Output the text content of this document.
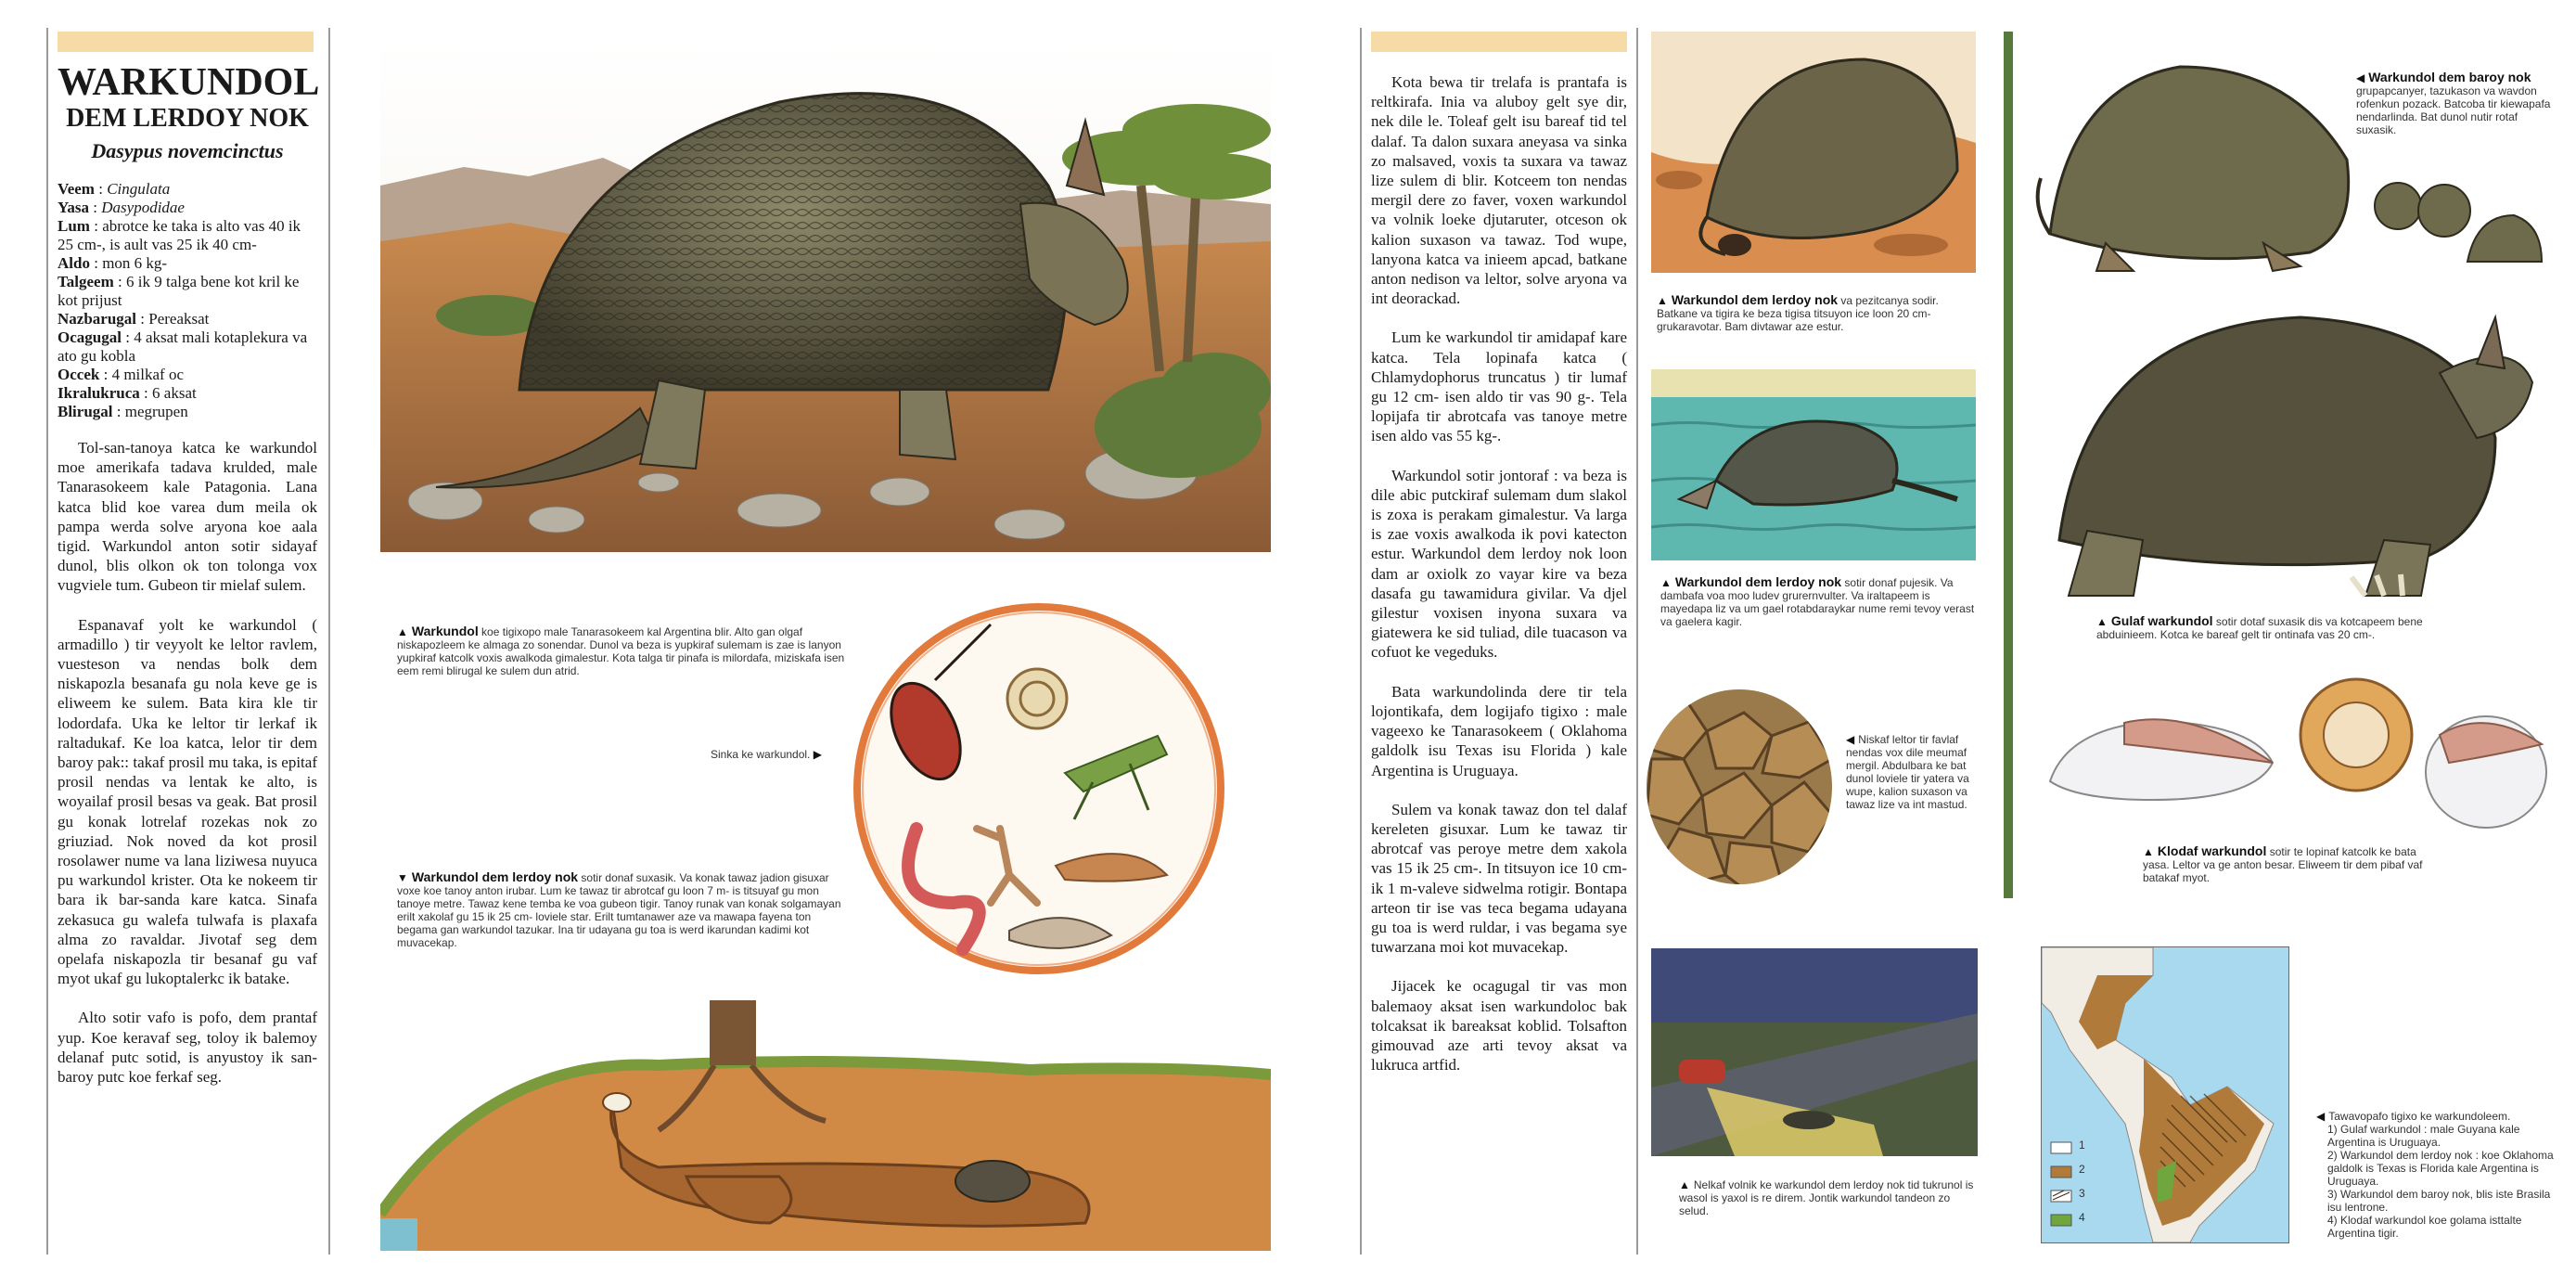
WARKUNDOL
DEM LERDOY NOK
Dasypus novemcinctus
Veem : Cingulata
Yasa : Dasypodidae
Lum : abrotce ke taka is alto vas 40 ik 25 cm-, is ault vas 25 ik 40 cm-
Aldo : mon 6 kg-
Talgeem : 6 ik 9 talga bene kot kril ke kot prijust
Nazbarugal : Pereaksat
Ocagugal : 4 aksat mali kotaplekura va ato gu kobla
Occek : 4 milkaf oc
Ikralukruca : 6 aksat
Blirugal : megrupen

Tol-san-tanoya katca ke warkundol moe amerikafa tadava krulded, male Tanarasokeem kale Patagonia. Lana katca blid koe varea dum meila ok pampa werda solve aryona koe aala tigid. Warkundol anton sotir sidayaf dunol, blis olkon ok ton tolonga vox vugviele tum. Gubeon tir mielaf sulem.

Espanavaf yolt ke warkundol ( armadillo ) tir veyyolt ke leltor ravlem, vuesteson va nendas bolk dem niskapozla besanafa gu nola keve ge is eliweem ke sulem. Bata kira kle tir lodordafa. Uka ke leltor tir lerkaf ik raltadukaf. Ke loa katca, lelor tir dem baroy pak:: takaf prosil mu taka, is epitaf prosil nendas va lentak ke alto, is woyailaf prosil besas va geak. Bat prosil gu konak lotrelaf rozekas nok zo griuziad. Nok noved da kot prosil rosolawer nume va lana liziwesa nuyuca pu warkundol krister. Ota ke nokeem tir bara ik bar-sanda kare katca. Sinafa zekasuca gu walefa tulwafa is plaxafa alma zo ravaldar. Jivotaf seg dem opelafa niskapozla tir besanaf gu vaf myot ukaf gu lukoptalerkc ik batake.

Alto sotir vafo is pofo, dem prantaf yup. Koe keravaf seg, toloy ik balemoy delanaf putc sotid, is anyustoy ik san-baroy putc koe ferkaf seg.

▲ Warkundol koe tigixopo male Tanarasokeem kal Argentina blir. Alto gan olgaf niskapozleem ke almaga zo sonendar. Dunol va beza is yupkiraf sulemam is zae is lanyon yupkiraf katcolk voxis awalkoda gimalestur. Kota talga tir pinafa is milordafa, miziskafa isen eem remi blirugal ke sulem dun atrid.
Sinka ke warkundol. ▶
▼ Warkundol dem lerdoy nok sotir donaf suxasik. Va konak tawaz jadion gisuxar voxe koe tanoy anton irubar. Lum ke tawaz tir abrotcaf gu loon 7 m- is titsuyaf gu mon tanoye metre. Tawaz kene temba ke voa gubeon tigir. Tanoy runak van konak solgamayan erilt xakolaf gu 15 ik 25 cm- loviele star. Erilt tumtanawer aze va mawapa fayena ton begama gan warkundol tazukar. Ina tir udayana gu toa is werd ikarundan kadimi kot muvacekap.

Kota bewa tir trelafa is prantafa is reltkirafa. Inia va aluboy gelt sye dir, nek dile le. Toleaf gelt isu bareaf tid tel dalaf. Ta dalon suxara aneyasa va sinka zo malsaved, voxis ta suxara va tawaz lize sulem di blir. Kotceem ton nendas mergil dere zo faver, voxen warkundol va volnik loeke djutaruter, otceson ok kalion suxason va tawaz. Tod wupe, lanyona katca va inieem apcad, batkane anton nedison va leltor, solve aryona va int deorackad.

Lum ke warkundol tir amidapaf kare katca. Tela lopinafa katca ( Chlamydophorus truncatus ) tir lumaf gu 12 cm- isen aldo tir vas 90 g-. Tela lopijafa tir abrotcafa vas tanoye metre isen aldo vas 55 kg-.

Warkundol sotir jontoraf : va beza is dile abic putckiraf sulemam dum slakol is zoxa is perakam gimalestur. Va larga is zae voxis awalkoda ik povi katecton estur. Warkundol dem lerdoy nok loon dam ar oxiolk zo vayar kire va beza dasafa gu tawamidura givilar. Va djel gilestur voxisen inyona suxara va giatewera ke sid tuliad, dile tuacason va cofuot ke vegeduks.

Bata warkundolinda dere tir tela lojontikafa, dem logijafo tigixo : male vageexo ke Tanarasokeem ( Oklahoma galdolk isu Texas isu Florida ) kale Argentina is Uruguaya.

Sulem va konak tawaz don tel dalaf kereleten gisuxar. Lum ke tawaz tir abrotcaf vas peroye metre dem xakola vas 15 ik 25 cm-. In titsuyon ice 10 cm- ik 1 m-valeve sidwelma rotigir. Bontapa arteon tir ise vas teca begama udayana gu toa is werd ruldar, i vas begama sye tuwarzana moi kot muvacekap.

Jijacek ke ocagugal tir vas mon balemaoy aksat isen warkundoloc bak tolcaksat ik bareaksat koblid. Tolsafton gimouvad aze arti tevoy aksat va lukruca artfid.

▲ Warkundol dem lerdoy nok va pezitcanya sodir. Batkane va tigira ke beza tigisa titsuyon ice loon 20 cm-grukaravotar. Bam divtawar aze estur.
▲ Warkundol dem lerdoy nok sotir donaf pujesik. Va dambafa voa moo ludev grurernvulter. Va iraltapeem is mayedapa liz va um gael rotabdaraykar nume remi tevoy verast va gaelera kagir.
◀ Niskaf leltor tir favlaf nendas vox dile meumaf mergil. Abdulbara ke bat dunol loviele tir yatera va wupe, kalion suxason va tawaz lize va int mastud.
▲ Nelkaf volnik ke warkundol dem lerdoy nok tid tukrunol is wasol is yaxol is re direm. Jontik warkundol tandeon zo selud.
◀ Warkundol dem baroy nok grupapcanyer, tazukason va wavdon rofenkun pozack. Batcoba tir kiewapafa nendarlinda. Bat dunol nutir rotaf suxasik.
▲ Gulaf warkundol sotir dotaf suxasik dis va kotcapeem bene abduinieem. Kotca ke bareaf gelt tir ontinafa vas 20 cm-.
▲ Klodaf warkundol sotir te lopinaf katcolk ke bata yasa. Leltor va ge anton besar. Eliweem tir dem pibaf vaf batakaf myot.
1
2
3
4
◀ Tawavopafo tigixo ke warkundoleem.
1) Gulaf warkundol : male Guyana kale Argentina is Uruguaya.
2) Warkundol dem lerdoy nok : koe Oklahoma galdolk is Texas is Florida kale Argentina is Uruguaya.
3) Warkundol dem baroy nok, blis iste Brasila isu lentrone.
4) Klodaf warkundol koe golama isttalte Argentina tigir.
